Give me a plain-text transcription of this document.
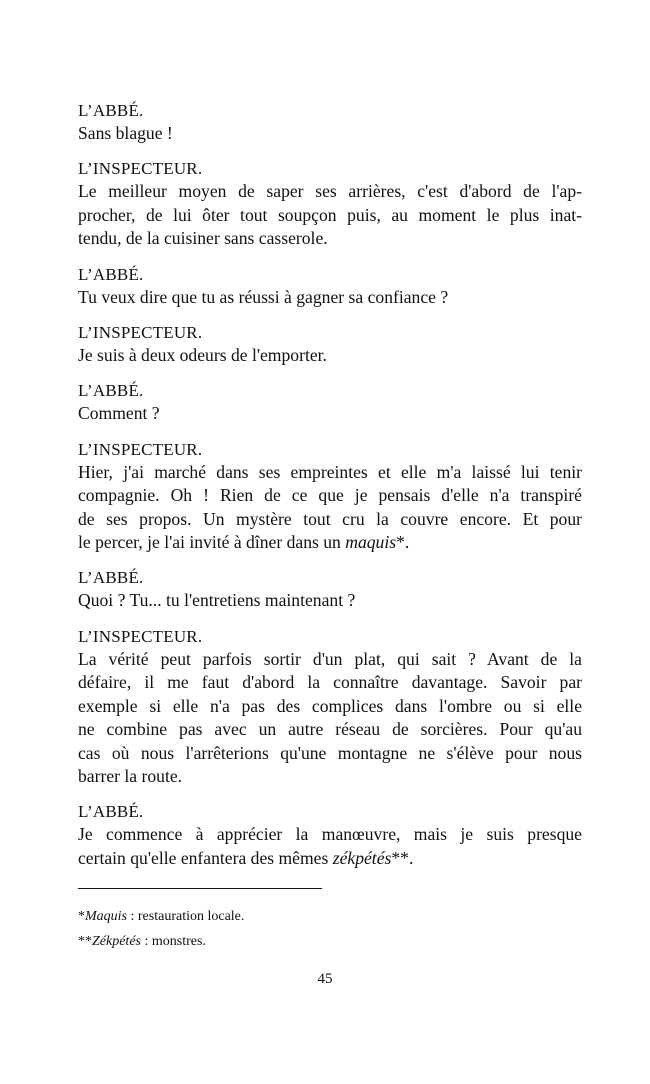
L’ABBÉ.
Sans blague !
L’INSPECTEUR.
Le meilleur moyen de saper ses arrières, c'est d'abord de l'ap-
procher, de lui ôter tout soupçon puis, au moment le plus inat-
tendu, de la cuisiner sans casserole.
L’ABBÉ.
Tu veux dire que tu as réussi à gagner sa confiance ?
L’INSPECTEUR.
Je suis à deux odeurs de l'emporter.
L’ABBÉ.
Comment ?
L’INSPECTEUR.
Hier, j'ai marché dans ses empreintes et elle m'a laissé lui tenir
compagnie. Oh ! Rien de ce que je pensais d'elle n'a transpiré
de ses propos. Un mystère tout cru la couvre encore. Et pour
le percer, je l'ai invité à dîner dans un maquis*.
L’ABBÉ.
Quoi ? Tu... tu l'entretiens maintenant ?
L’INSPECTEUR.
La vérité peut parfois sortir d'un plat, qui sait ? Avant de la
défaire, il me faut d'abord la connaître davantage. Savoir par
exemple si elle n'a pas des complices dans l'ombre ou si elle
ne combine pas avec un autre réseau de sorcières. Pour qu'au
cas où nous l'arrêterions qu'une montagne ne s'élève pour nous
barrer la route.
L’ABBÉ.
Je commence à apprécier la manœuvre, mais je suis presque
certain qu'elle enfantera des mêmes zékpétés**.
*Maquis : restauration locale.
**Zékpétés : monstres.
45
